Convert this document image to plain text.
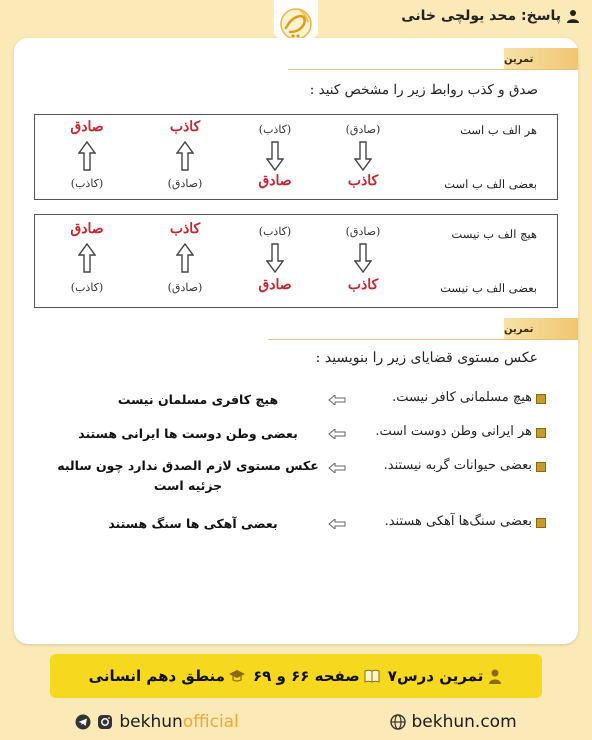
پاسخ: محد یولچی خانی
تمرین
صدق و کذب روابط زیر را مشخص کنید :
هر الف ب است
بعضی الف ب است
(صادق)
کاذب
(کاذب)
صادق
کاذب
(صادق)
صادق
(کاذب)
هیچ الف ب نیست
بعضی الف ب نیست
(صادق)
کاذب
(کاذب)
صادق
کاذب
(صادق)
صادق
(کاذب)
تمرین
عکس مستوی قضایای زیر را بنویسید :
هیچ مسلمانی کافر نیست.
هیچ کافری مسلمان نیست
هر ایرانی وطن دوست است.
بعضی وطن دوست ها ایرانی هستند
بعضی حیوانات گربه نیستند.
عکس مستوی لازم الصدق ندارد چون سالبه جزئیه است
بعضی سنگ‌ها آهکی هستند.
بعضی آهکی ها سنگ هستند
تمرین درس۷
صفحه ۶۶ و ۶۹
منطق دهم انسانی
bekhunofficial	bekhun.com
